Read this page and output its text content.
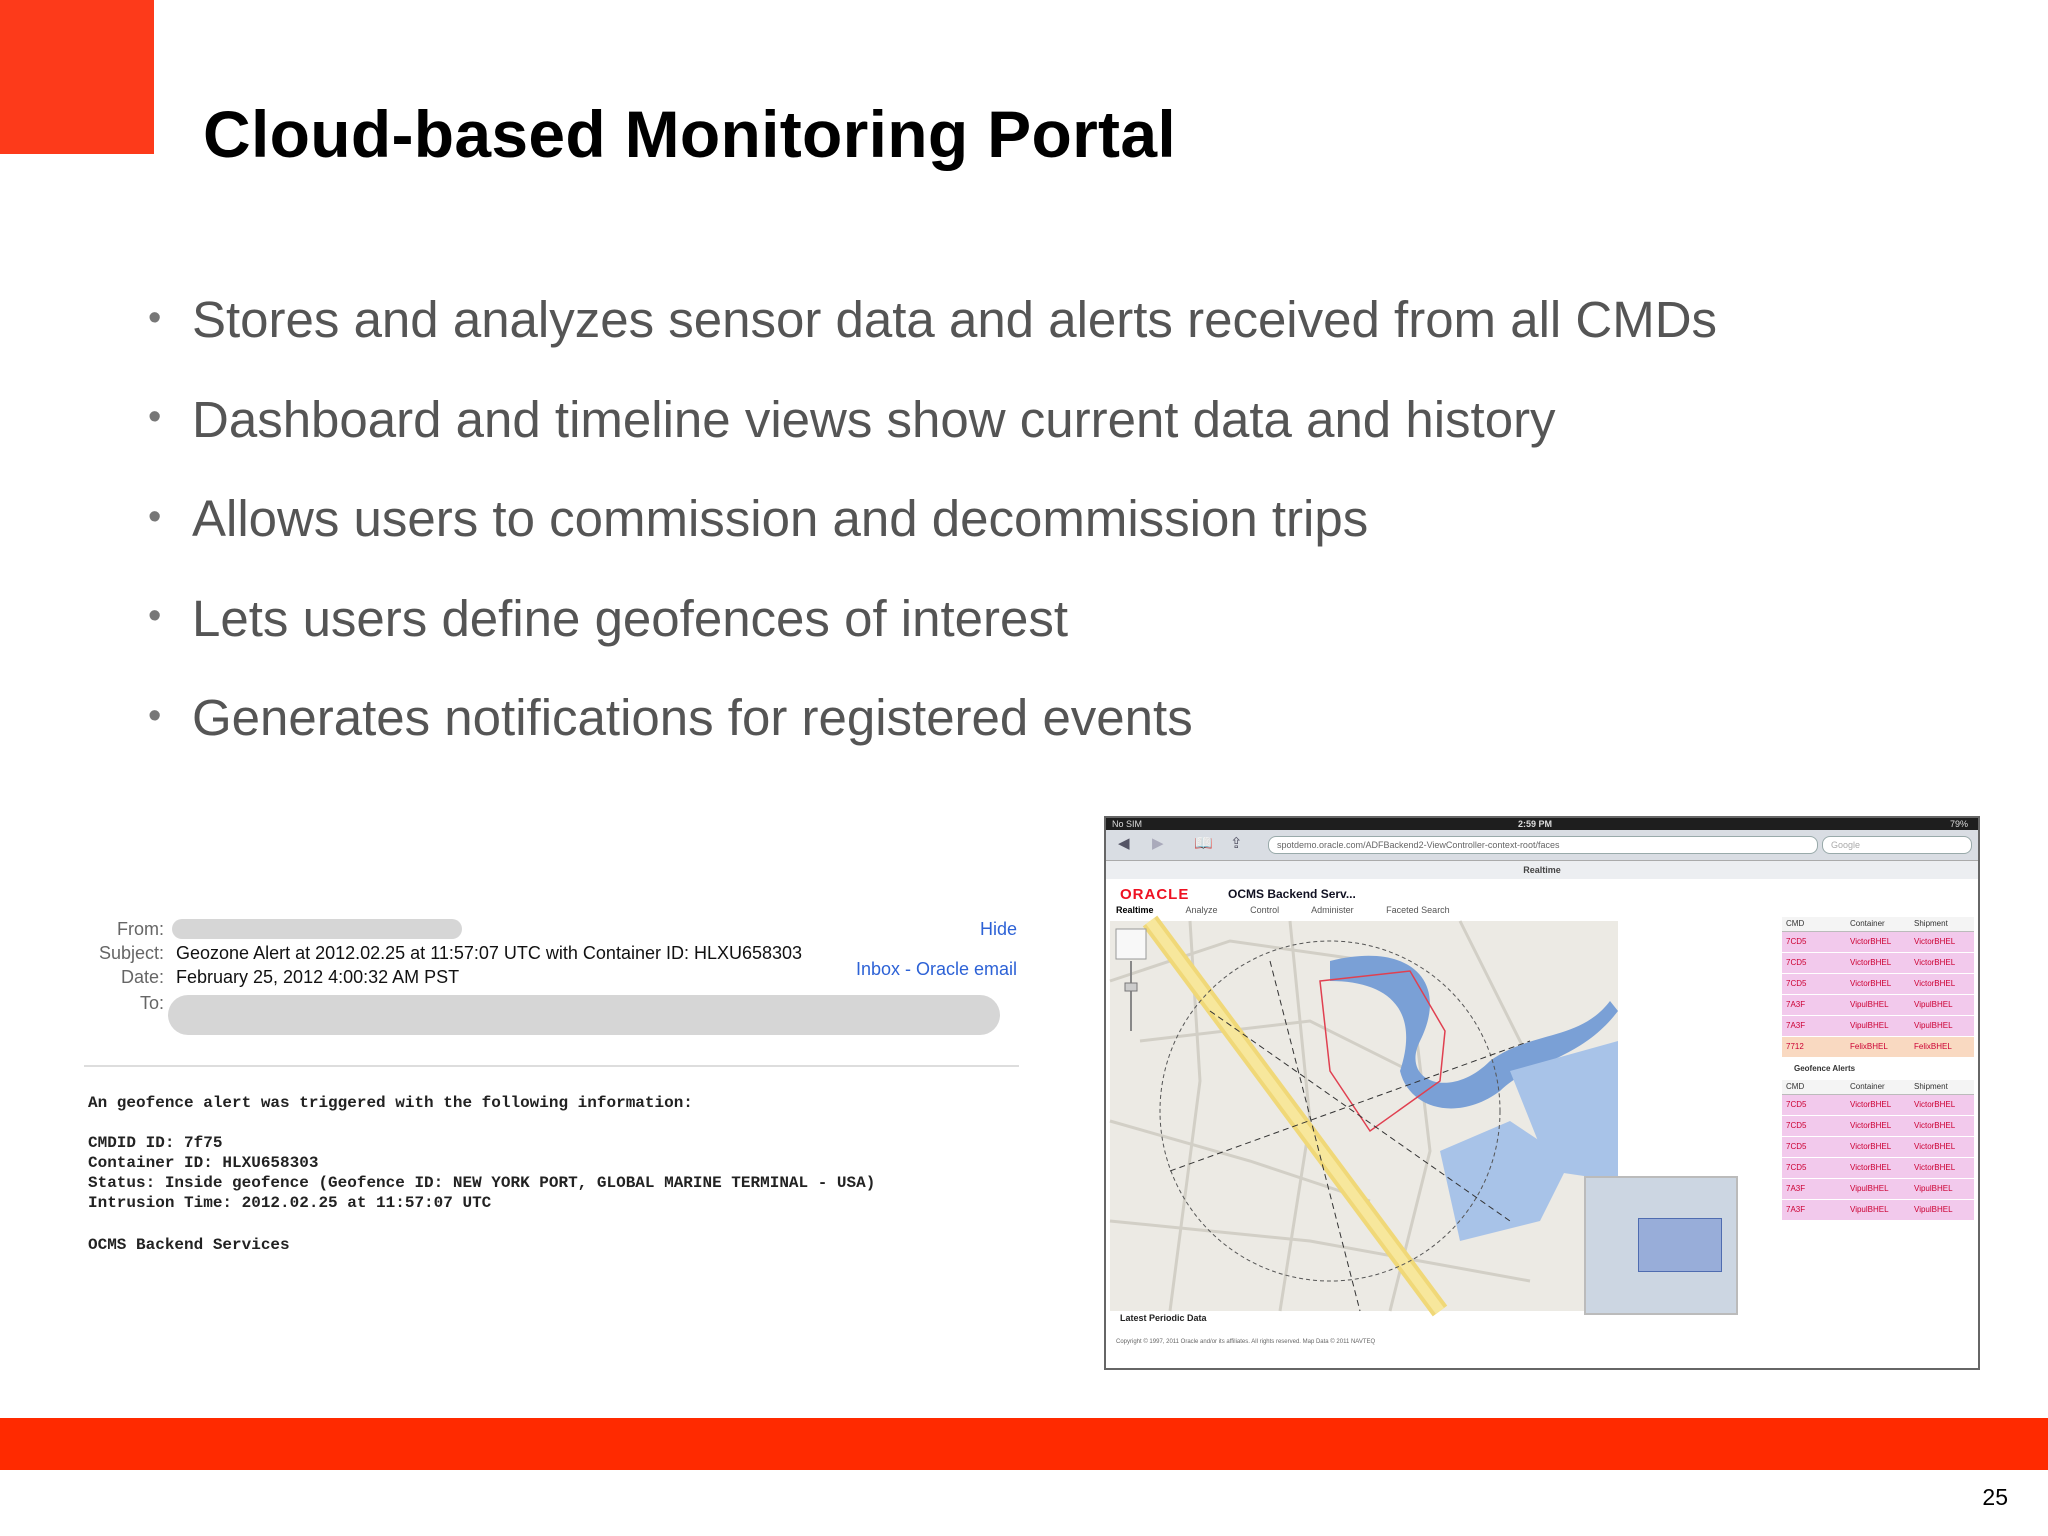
Cloud-based Monitoring Portal
• Stores and analyzes sensor data and alerts received from all CMDs
• Dashboard and timeline views show current data and history
• Allows users to commission and decommission trips
• Lets users define geofences of interest
• Generates notifications for registered events
From:
Subject: Geozone Alert at 2012.02.25 at 11:57:07 UTC with Container ID: HLXU658303
Date: February 25, 2012 4:00:32 AM PST
To:
Hide
Inbox - Oracle email
An geofence alert was triggered with the following information:
CMDID ID: 7f75
Container ID: HLXU658303
Status: Inside geofence (Geofence ID: NEW YORK PORT, GLOBAL MARINE TERMINAL - USA)
Intrusion Time: 2012.02.25 at 11:57:07 UTC
OCMS Backend Services
No SIM	2:59 PM	79%
◀ ▶ 📖 ⇪	spotdemo.oracle.com/ADFBackend2-ViewController-context-root/faces	Google
Realtime
ORACLE	OCMS Backend Serv...
Realtime	Analyze	Control	Administer	Faceted Search
Copyright © 1997, 2011 Oracle and/or its affiliates. All rights reserved. Map Data © 2011 NAVTEQ
Latest Periodic Data
CMD	Container	Shipment
7CD5	VictorBHEL	VictorBHEL
7CD5	VictorBHEL	VictorBHEL
7CD5	VictorBHEL	VictorBHEL
7A3F	VipulBHEL	VipulBHEL
7A3F	VipulBHEL	VipulBHEL
7712	FelixBHEL	FelixBHEL
Geofence Alerts
CMD	Container	Shipment
7CD5	VictorBHEL	VictorBHEL
7CD5	VictorBHEL	VictorBHEL
7CD5	VictorBHEL	VictorBHEL
7CD5	VictorBHEL	VictorBHEL
7A3F	VipulBHEL	VipulBHEL
7A3F	VipulBHEL	VipulBHEL
25
